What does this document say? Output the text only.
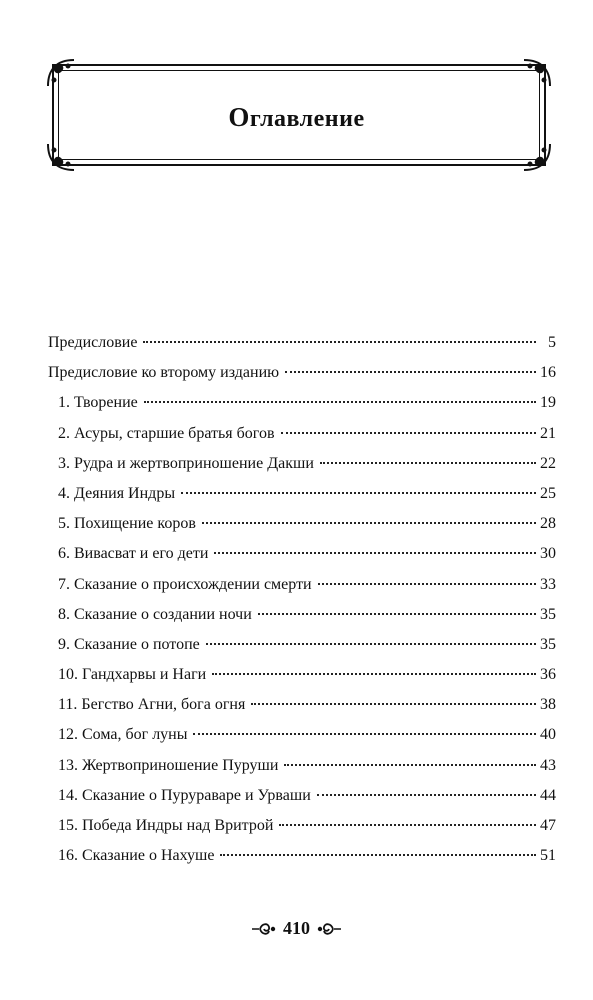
Оглавление
Предисловие	5
Предисловие ко второму изданию	16
1. Творение	19
2. Асуры, старшие братья богов	21
3. Рудра и жертвоприношение Дакши	22
4. Деяния Индры	25
5. Похищение коров	28
6. Вивасват и его дети	30
7. Сказание о происхождении смерти	33
8. Сказание о создании ночи	35
9. Сказание о потопе	35
10. Гандхарвы и Наги	36
11. Бегство Агни, бога огня	38
12. Сома, бог луны	40
13. Жертвоприношение Пуруши	43
14. Сказание о Пурураваре и Урваши	44
15. Победа Индры над Вритрой	47
16. Сказание о Нахуше	51
410
